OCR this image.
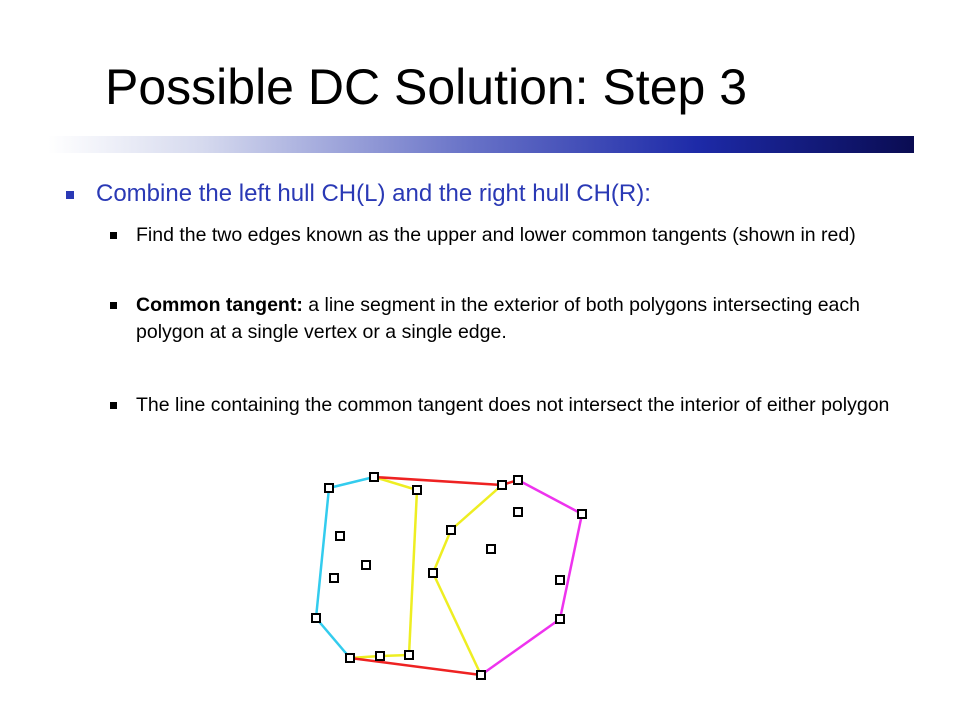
Possible DC Solution: Step 3
Combine the left hull CH(L) and the right hull CH(R):
Find the two edges known as the upper and lower common tangents (shown in red)
Common tangent: a line segment in the exterior of both polygons intersecting each polygon at a single vertex or a single edge.
The line containing the common tangent does not intersect the interior of either polygon
